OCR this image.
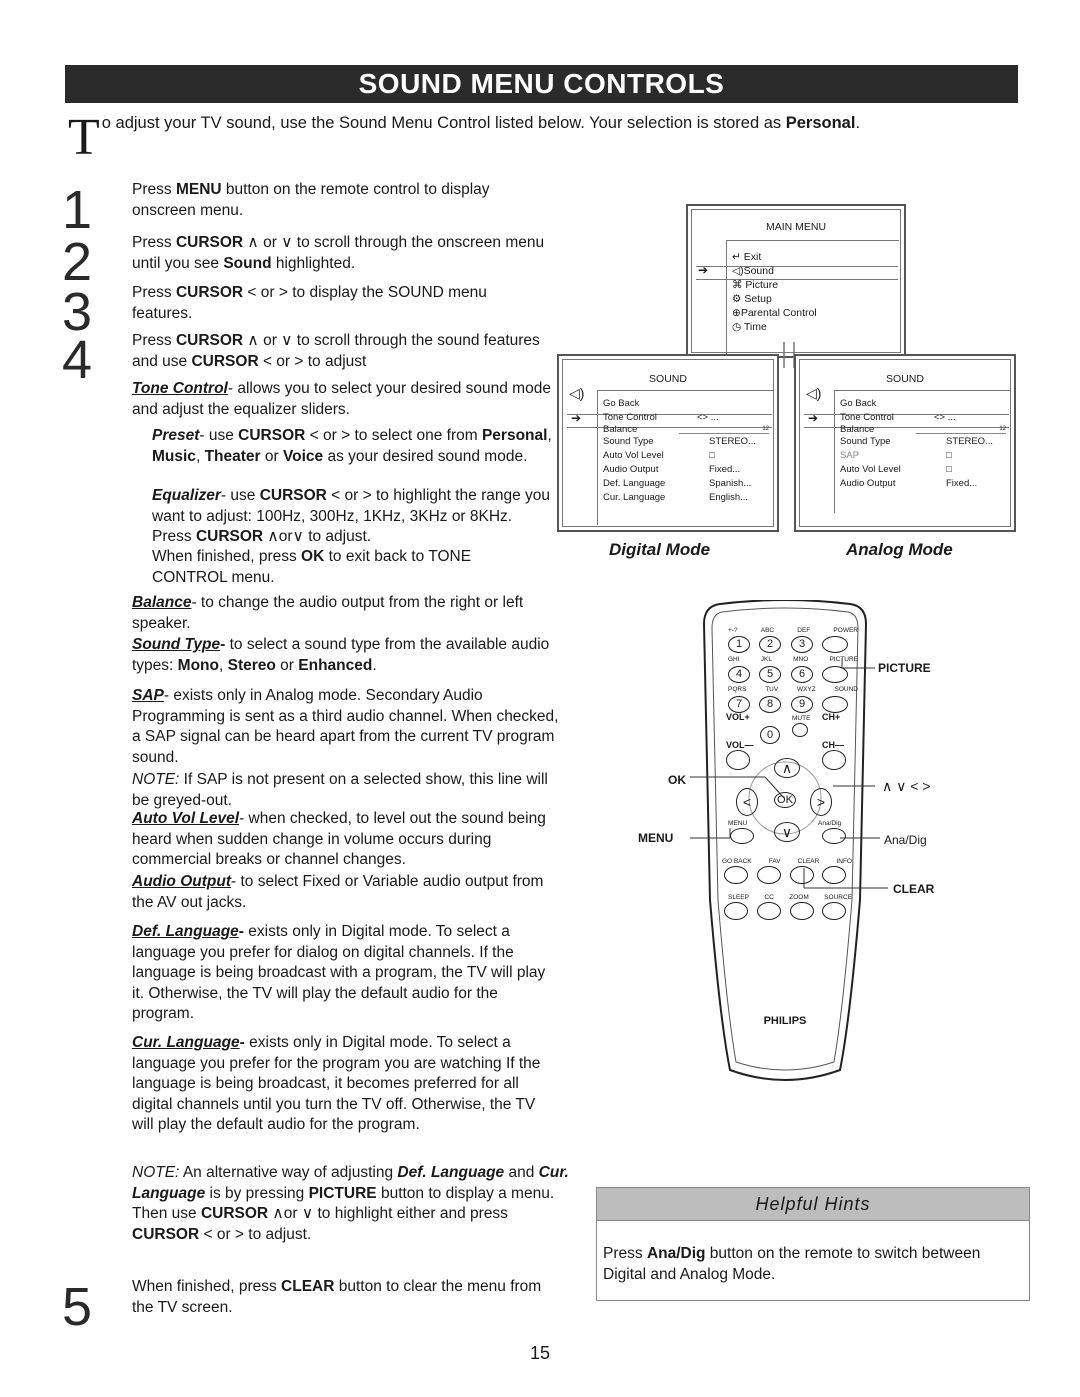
SOUND MENU CONTROLS
To adjust your TV sound, use the Sound Menu Control listed below. Your selection is stored as Personal.
1
2
3
4
5
Press MENU button on the remote control to display onscreen menu.
Press CURSOR ∧ or ∨ to scroll through the onscreen menu until you see Sound highlighted.
Press CURSOR < or > to display the SOUND menu features.
Press CURSOR ∧ or ∨ to scroll through the sound features and use CURSOR < or > to adjust
Tone Control- allows you to select your desired sound mode and adjust the equalizer sliders.
Preset- use CURSOR < or > to select one from Personal, Music, Theater or Voice as your desired sound mode.
Equalizer- use CURSOR < or > to highlight the range you want to adjust: 100Hz, 300Hz, 1KHz, 3KHz or 8KHz. Press CURSOR ∧or∨ to adjust.
When finished, press OK to exit back to TONE CONTROL menu.
Balance- to change the audio output from the right or left speaker.
Sound Type- to select a sound type from the available audio types: Mono, Stereo or Enhanced.
SAP- exists only in Analog mode. Secondary Audio Programming is sent as a third audio channel. When checked, a SAP signal can be heard apart from the current TV program sound.
NOTE: If SAP is not present on a selected show, this line will be greyed-out.
Auto Vol Level- when checked, to level out the sound being heard when sudden change in volume occurs during commercial breaks or channel changes.
Audio Output- to select Fixed or Variable audio output from the AV out jacks.
Def. Language- exists only in Digital mode. To select a language you prefer for dialog on digital channels. If the language is being broadcast with a program, the TV will play it. Otherwise, the TV will play the default audio for the program.
Cur. Language- exists only in Digital mode. To select a language you prefer for the program you are watching If the language is being broadcast, it becomes preferred for all digital channels until you turn the TV off. Otherwise, the TV will play the default audio for the program.
NOTE: An alternative way of adjusting Def. Language and Cur. Language is by pressing PICTURE button to display a menu. Then use CURSOR ∧or ∨ to highlight either and press CURSOR < or > to adjust.
When finished, press CLEAR button to clear the menu from the TV screen.
MAIN MENU
➔
↵ Exit
◁)Sound
⌘ Picture
⚙ Setup
⊕Parental Control
◷ Time
SOUND
◁)
➔
Go Back
Tone Control	<> ...
Balance	12
Sound Type	STEREO...
Auto Vol Level	□
Audio Output	Fixed...
Def. Language	Spanish...
Cur. Language	English...
Digital Mode
SOUND
◁)
➔
Go Back
Tone Control	<> ...
Balance	12
Sound Type	STEREO...
SAP	□
Auto Vol Level	□
Audio Output	Fixed...
Analog Mode
+-?	ABC	DEF	POWER
GHI	JKL	MNO	PICTURE
PQRS	TUV	WXYZ	SOUND
1	2	3
4	5	6
7	8	9
0
∧
<	>
OK
∨
VOL+	MUTE CH+
VOL—	CH—
MENU	Ana/Dig
GO BACK	FAV	CLEAR	INFO
SLEEP CC ZOOM SOURCE
PHILIPS
PICTURE
OK	∧ ∨ < >
MENU	Ana/Dig
CLEAR
Helpful Hints
Press Ana/Dig button on the remote to switch between Digital and Analog Mode.
15
